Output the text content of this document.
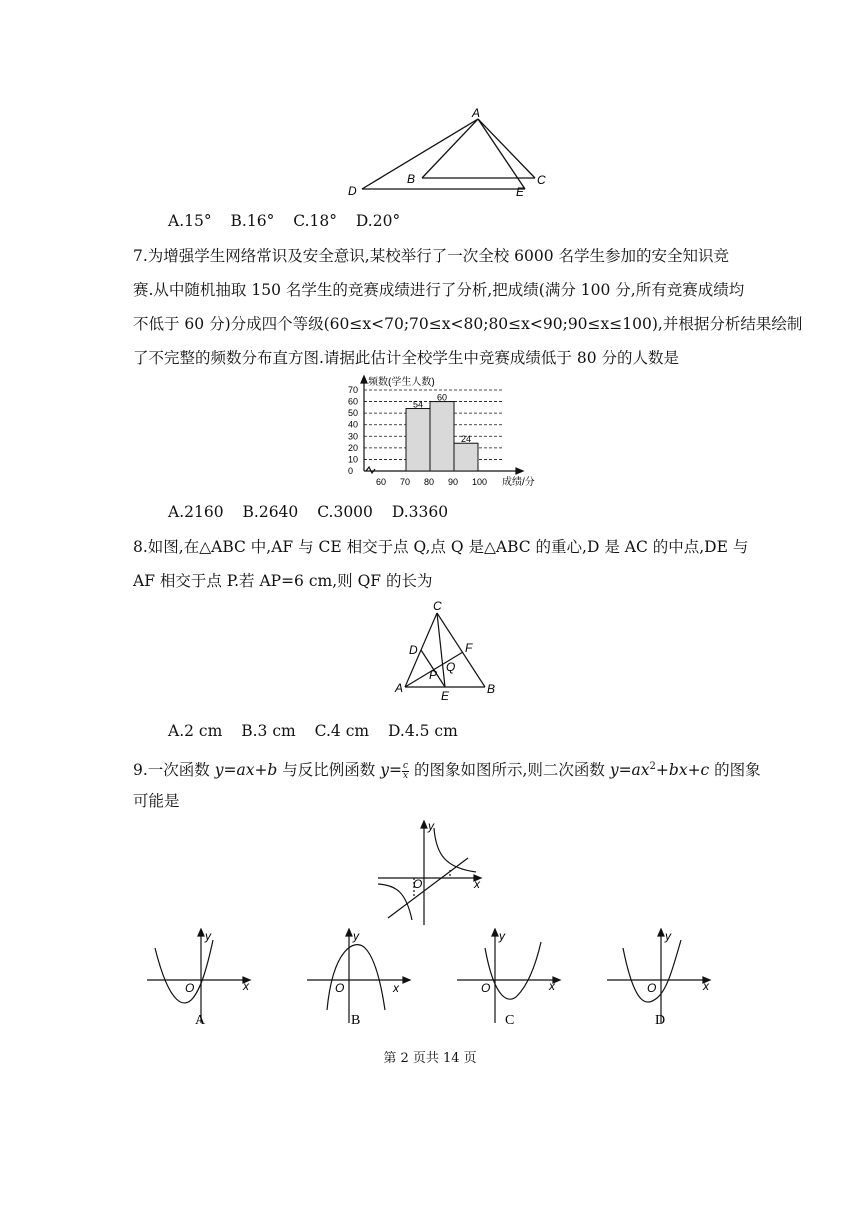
A
B	C
D	E
A.15° B.16° C.18° D.20°
7.为增强学生网络常识及安全意识,某校举行了一次全校 6000 名学生参加的安全知识竞
赛.从中随机抽取 150 名学生的竞赛成绩进行了分析,把成绩(满分 100 分,所有竞赛成绩均
不低于 60 分)分成四个等级(60≤x<70;70≤x<80;80≤x<90;90≤x≤100),并根据分析结果绘制
了不完整的频数分布直方图.请据此估计全校学生中竞赛成绩低于 80 分的人数是
54
60
24
0
10
20
30
40
50
60
70
60 70 80 90 100
频数(学生人数)
成绩/分
A.2160 B.2640 C.3000 D.3360
8.如图,在△ABC 中,AF 与 CE 相交于点 Q,点 Q 是△ABC 的重心,D 是 AC 的中点,DE 与
AF 相交于点 P.若 AP=6 cm,则 QF 的长为
C
D	F
Q
P
A
E	B
A.2 cm B.3 cm C.4 cm D.4.5 cm
9.一次函数 y=ax+b 与反比例函数 $y= \frac{c}{x}$ 的图象如图所示,则二次函数 $y=ax^2+bx+c$ 的图象
可能是
x
y
O
x
y
O
A
x
y
O
B
x
y
O
C
x
y
O
D
第 2 页共 14 页
